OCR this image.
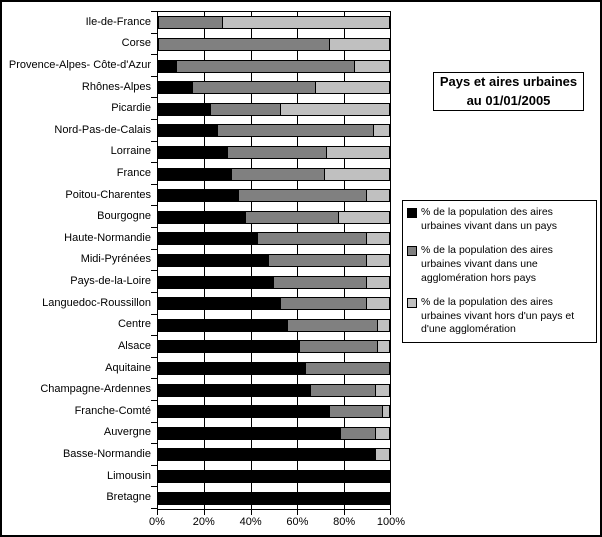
Ile-de-France
Corse
Provence-Alpes- Côte-d'Azur
Rhônes-Alpes
Picardie
Nord-Pas-de-Calais
Lorraine
France
Poitou-Charentes
Bourgogne
Haute-Normandie
Midi-Pyrénées
Pays-de-la-Loire
Languedoc-Roussillon
Centre
Alsace
Aquitaine
Champagne-Ardennes
Franche-Comté
Auvergne
Basse-Normandie
Limousin
Bretagne
0%	20% 40% 60% 80% 100%
Pays et aires urbaines
au 01/01/2005
% de la population des aires urbaines vivant dans un pays
% de la population des aires urbaines vivant dans une agglomération hors pays
% de la population des aires urbaines vivant hors d'un pays et d'une agglomération
